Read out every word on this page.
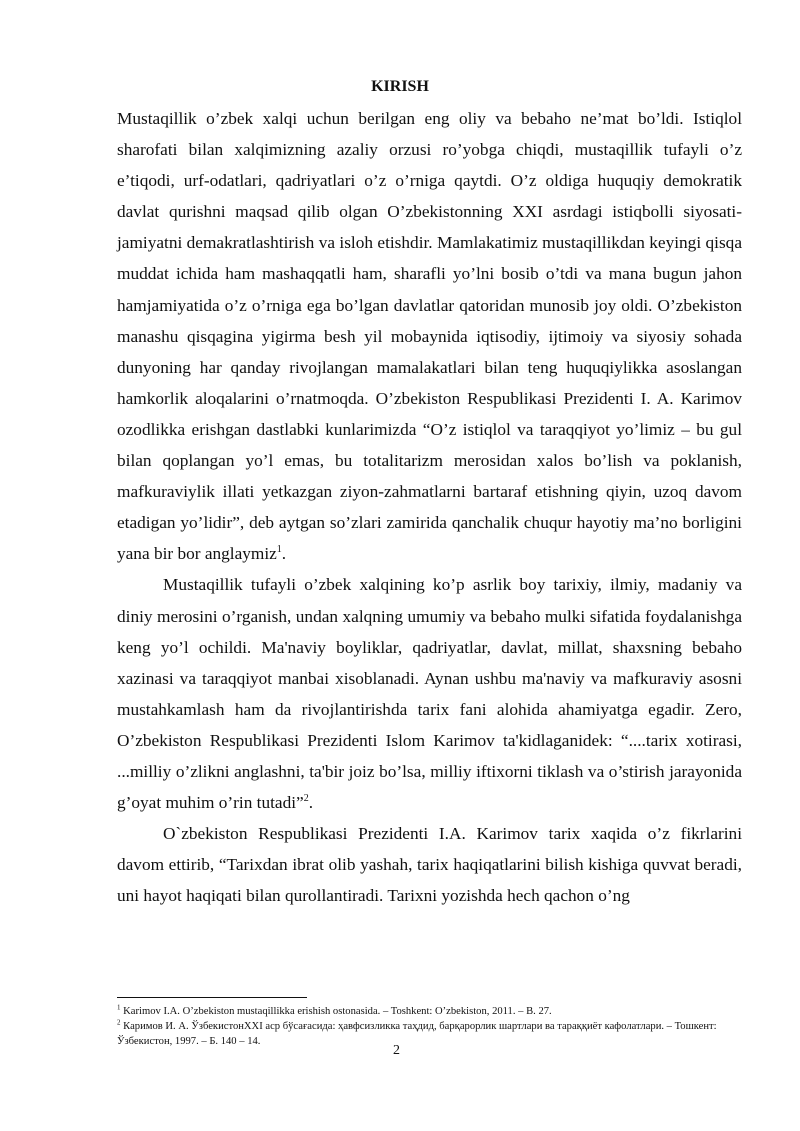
KIRISH

Mustaqillik o’zbek xalqi uchun berilgan eng oliy va bebaho ne’mat bo’ldi. Istiqlol sharofati bilan xalqimizning azaliy orzusi ro’yobga chiqdi, mustaqillik tufayli o’z e’tiqodi, urf-odatlari, qadriyatlari o’z o’rniga qaytdi. O’z oldiga huquqiy demokratik davlat qurishni maqsad qilib olgan O’zbekistonning XXI asrdagi istiqbolli siyosati- jamiyatni demakratlashtirish va isloh etishdir. Mamlakatimiz mustaqillikdan keyingi qisqa muddat ichida ham mashaqqatli ham, sharafli yo’lni bosib o’tdi va mana bugun jahon hamjamiyatida o’z o’rniga ega bo’lgan davlatlar qatoridan munosib joy oldi. O’zbekiston manashu qisqagina yigirma besh yil mobaynida iqtisodiy, ijtimoiy va siyosiy sohada dunyoning har qanday rivojlangan mamalakatlari bilan teng huquqiylikka asoslangan hamkorlik aloqalarini o’rnatmoqda. O’zbekiston Respublikasi Prezidenti I. A. Karimov ozodlikka erishgan dastlabki kunlarimizda “O’z istiqlol va taraqqiyot yo’limiz – bu gul bilan qoplangan yo’l emas, bu totalitarizm merosidan xalos bo’lish va poklanish, mafkuraviylik illati yetkazgan ziyon-zahmatlarni bartaraf etishning qiyin, uzoq davom etadigan yo’lidir”, deb aytgan so’zlari zamirida qanchalik chuqur hayotiy ma’no borligini yana bir bor anglaymiz$^1$.

Mustaqillik tufayli o’zbek xalqining ko’p asrlik boy tarixiy, ilmiy, madaniy va diniy merosini o’rganish, undan xalqning umumiy va bebaho mulki sifatida foydalanishga keng yo’l ochildi. Ma'naviy boyliklar, qadriyatlar, davlat, millat, shaxsning bebaho xazinasi va taraqqiyot manbai xisoblanadi. Aynan ushbu ma'naviy va mafkuraviy asosni mustahkamlash ham da rivojlantirishda tarix fani alohida ahamiyatga egadir. Zero, O’zbekiston Respublikasi Prezidenti Islom Karimov ta'kidlaganidek: “....tarix xotirasi, ...milliy o’zlikni anglashni, ta'bir joiz bo’lsa, milliy iftixorni tiklash va o’stirish jarayonida g’oyat muhim o’rin tutadi”$^2$.

O`zbekiston Respublikasi Prezidenti I.A. Karimov tarix xaqida o’z fikrlarini davom ettirib, “Tarixdan ibrat olib yashah, tarix haqiqatlarini bilish kishiga quvvat beradi, uni hayot haqiqati bilan qurollantiradi. Tarixni yozishda hech qachon o’ng

$^1$ Karimov I.A. O’zbekiston mustaqillikka erishish ostonasida. – Toshkent: O’zbekiston, 2011. – B. 27.

$^2$ Каримов И. А. ЎзбекистонXXI аср бўсағасида: ҳавфсизликка таҳдид, барқарорлик шартлари ва тараққиёт кафолатлари. – Тошкент: Ўзбекистон, 1997. – Б. 140 – 14.

2
